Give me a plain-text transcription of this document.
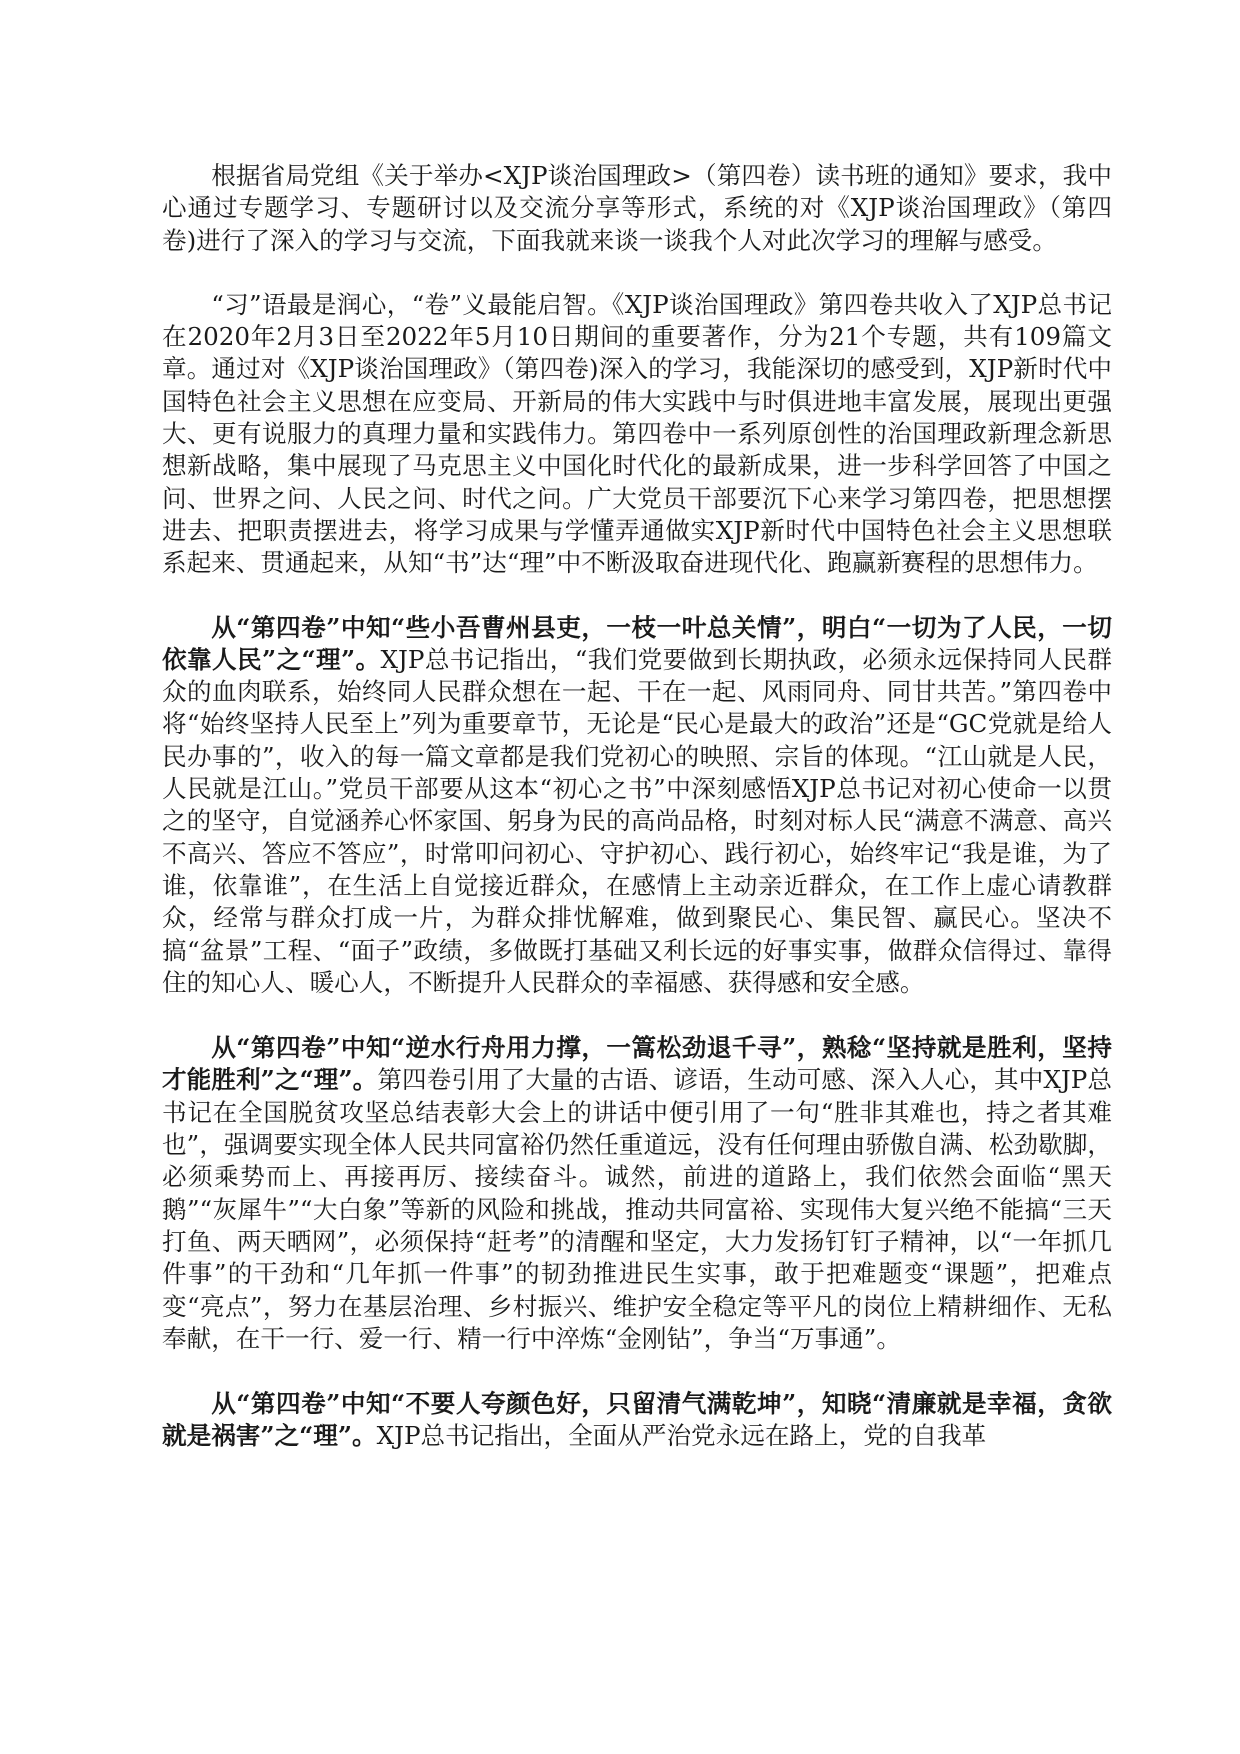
根据省局党组《关于举办<XJP谈治国理政>（第四卷）读书班的通知》要求，我中心通过专题学习、专题研讨以及交流分享等形式，系统的对《XJP谈治国理政》（第四卷)进行了深入的学习与交流，下面我就来谈一谈我个人对此次学习的理解与感受。

“习”语最是润心，“卷”义最能启智。《XJP谈治国理政》第四卷共收入了XJP总书记在2020年2月3日至2022年5月10日期间的重要著作，分为21个专题，共有109篇文章。通过对《XJP谈治国理政》（第四卷)深入的学习，我能深切的感受到，XJP新时代中国特色社会主义思想在应变局、开新局的伟大实践中与时俱进地丰富发展，展现出更强大、更有说服力的真理力量和实践伟力。第四卷中一系列原创性的治国理政新理念新思想新战略，集中展现了马克思主义中国化时代化的最新成果，进一步科学回答了中国之问、世界之问、人民之问、时代之问。广大党员干部要沉下心来学习第四卷，把思想摆进去、把职责摆进去，将学习成果与学懂弄通做实XJP新时代中国特色社会主义思想联系起来、贯通起来，从知“书”达“理”中不断汲取奋进现代化、跑赢新赛程的思想伟力。

从“第四卷”中知“些小吾曹州县吏，一枝一叶总关情”，明白“一切为了人民，一切依靠人民”之“理”。XJP总书记指出，“我们党要做到长期执政，必须永远保持同人民群众的血肉联系，始终同人民群众想在一起、干在一起、风雨同舟、同甘共苦。”第四卷中将“始终坚持人民至上”列为重要章节，无论是“民心是最大的政治”还是“GC党就是给人民办事的”，收入的每一篇文章都是我们党初心的映照、宗旨的体现。“江山就是人民，人民就是江山。”党员干部要从这本“初心之书”中深刻感悟XJP总书记对初心使命一以贯之的坚守，自觉涵养心怀家国、躬身为民的高尚品格，时刻对标人民“满意不满意、高兴不高兴、答应不答应”，时常叩问初心、守护初心、践行初心，始终牢记“我是谁，为了谁，依靠谁”，在生活上自觉接近群众，在感情上主动亲近群众，在工作上虚心请教群众，经常与群众打成一片，为群众排忧解难，做到聚民心、集民智、赢民心。坚决不搞“盆景”工程、“面子”政绩，多做既打基础又利长远的好事实事，做群众信得过、靠得住的知心人、暖心人，不断提升人民群众的幸福感、获得感和安全感。

从“第四卷”中知“逆水行舟用力撑，一篙松劲退千寻”，熟稔“坚持就是胜利，坚持才能胜利”之“理”。第四卷引用了大量的古语、谚语，生动可感、深入人心，其中XJP总书记在全国脱贫攻坚总结表彰大会上的讲话中便引用了一句“胜非其难也，持之者其难也”，强调要实现全体人民共同富裕仍然任重道远，没有任何理由骄傲自满、松劲歇脚，必须乘势而上、再接再厉、接续奋斗。诚然，前进的道路上，我们依然会面临“黑天鹅”“灰犀牛”“大白象”等新的风险和挑战，推动共同富裕、实现伟大复兴绝不能搞“三天打鱼、两天晒网”，必须保持“赶考”的清醒和坚定，大力发扬钉钉子精神，以“一年抓几件事”的干劲和“几年抓一件事”的韧劲推进民生实事，敢于把难题变“课题”，把难点变“亮点”，努力在基层治理、乡村振兴、维护安全稳定等平凡的岗位上精耕细作、无私奉献，在干一行、爱一行、精一行中淬炼“金刚钻”，争当“万事通”。

从“第四卷”中知“不要人夸颜色好，只留清气满乾坤”，知晓“清廉就是幸福，贪欲就是祸害”之“理”。XJP总书记指出，全面从严治党永远在路上，党的自我革
